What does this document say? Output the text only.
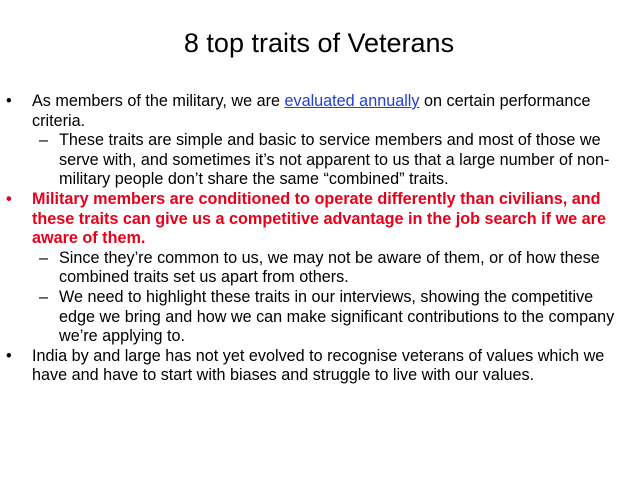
8 top traits of Veterans

• As members of the military, we are evaluated annually on certain performance criteria.

– These traits are simple and basic to service members and most of those we serve with, and sometimes it’s not apparent to us that a large number of non-military people don’t share the same “combined” traits.

• Military members are conditioned to operate differently than civilians, and these traits can give us a competitive advantage in the job search if we are aware of them.

– Since they’re common to us, we may not be aware of them, or of how these combined traits set us apart from others.

– We need to highlight these traits in our interviews, showing the competitive edge we bring and how we can make significant contributions to the company we’re applying to.

• India by and large has not yet evolved to recognise veterans of values which we have and have to start with biases and struggle to live with our values.
